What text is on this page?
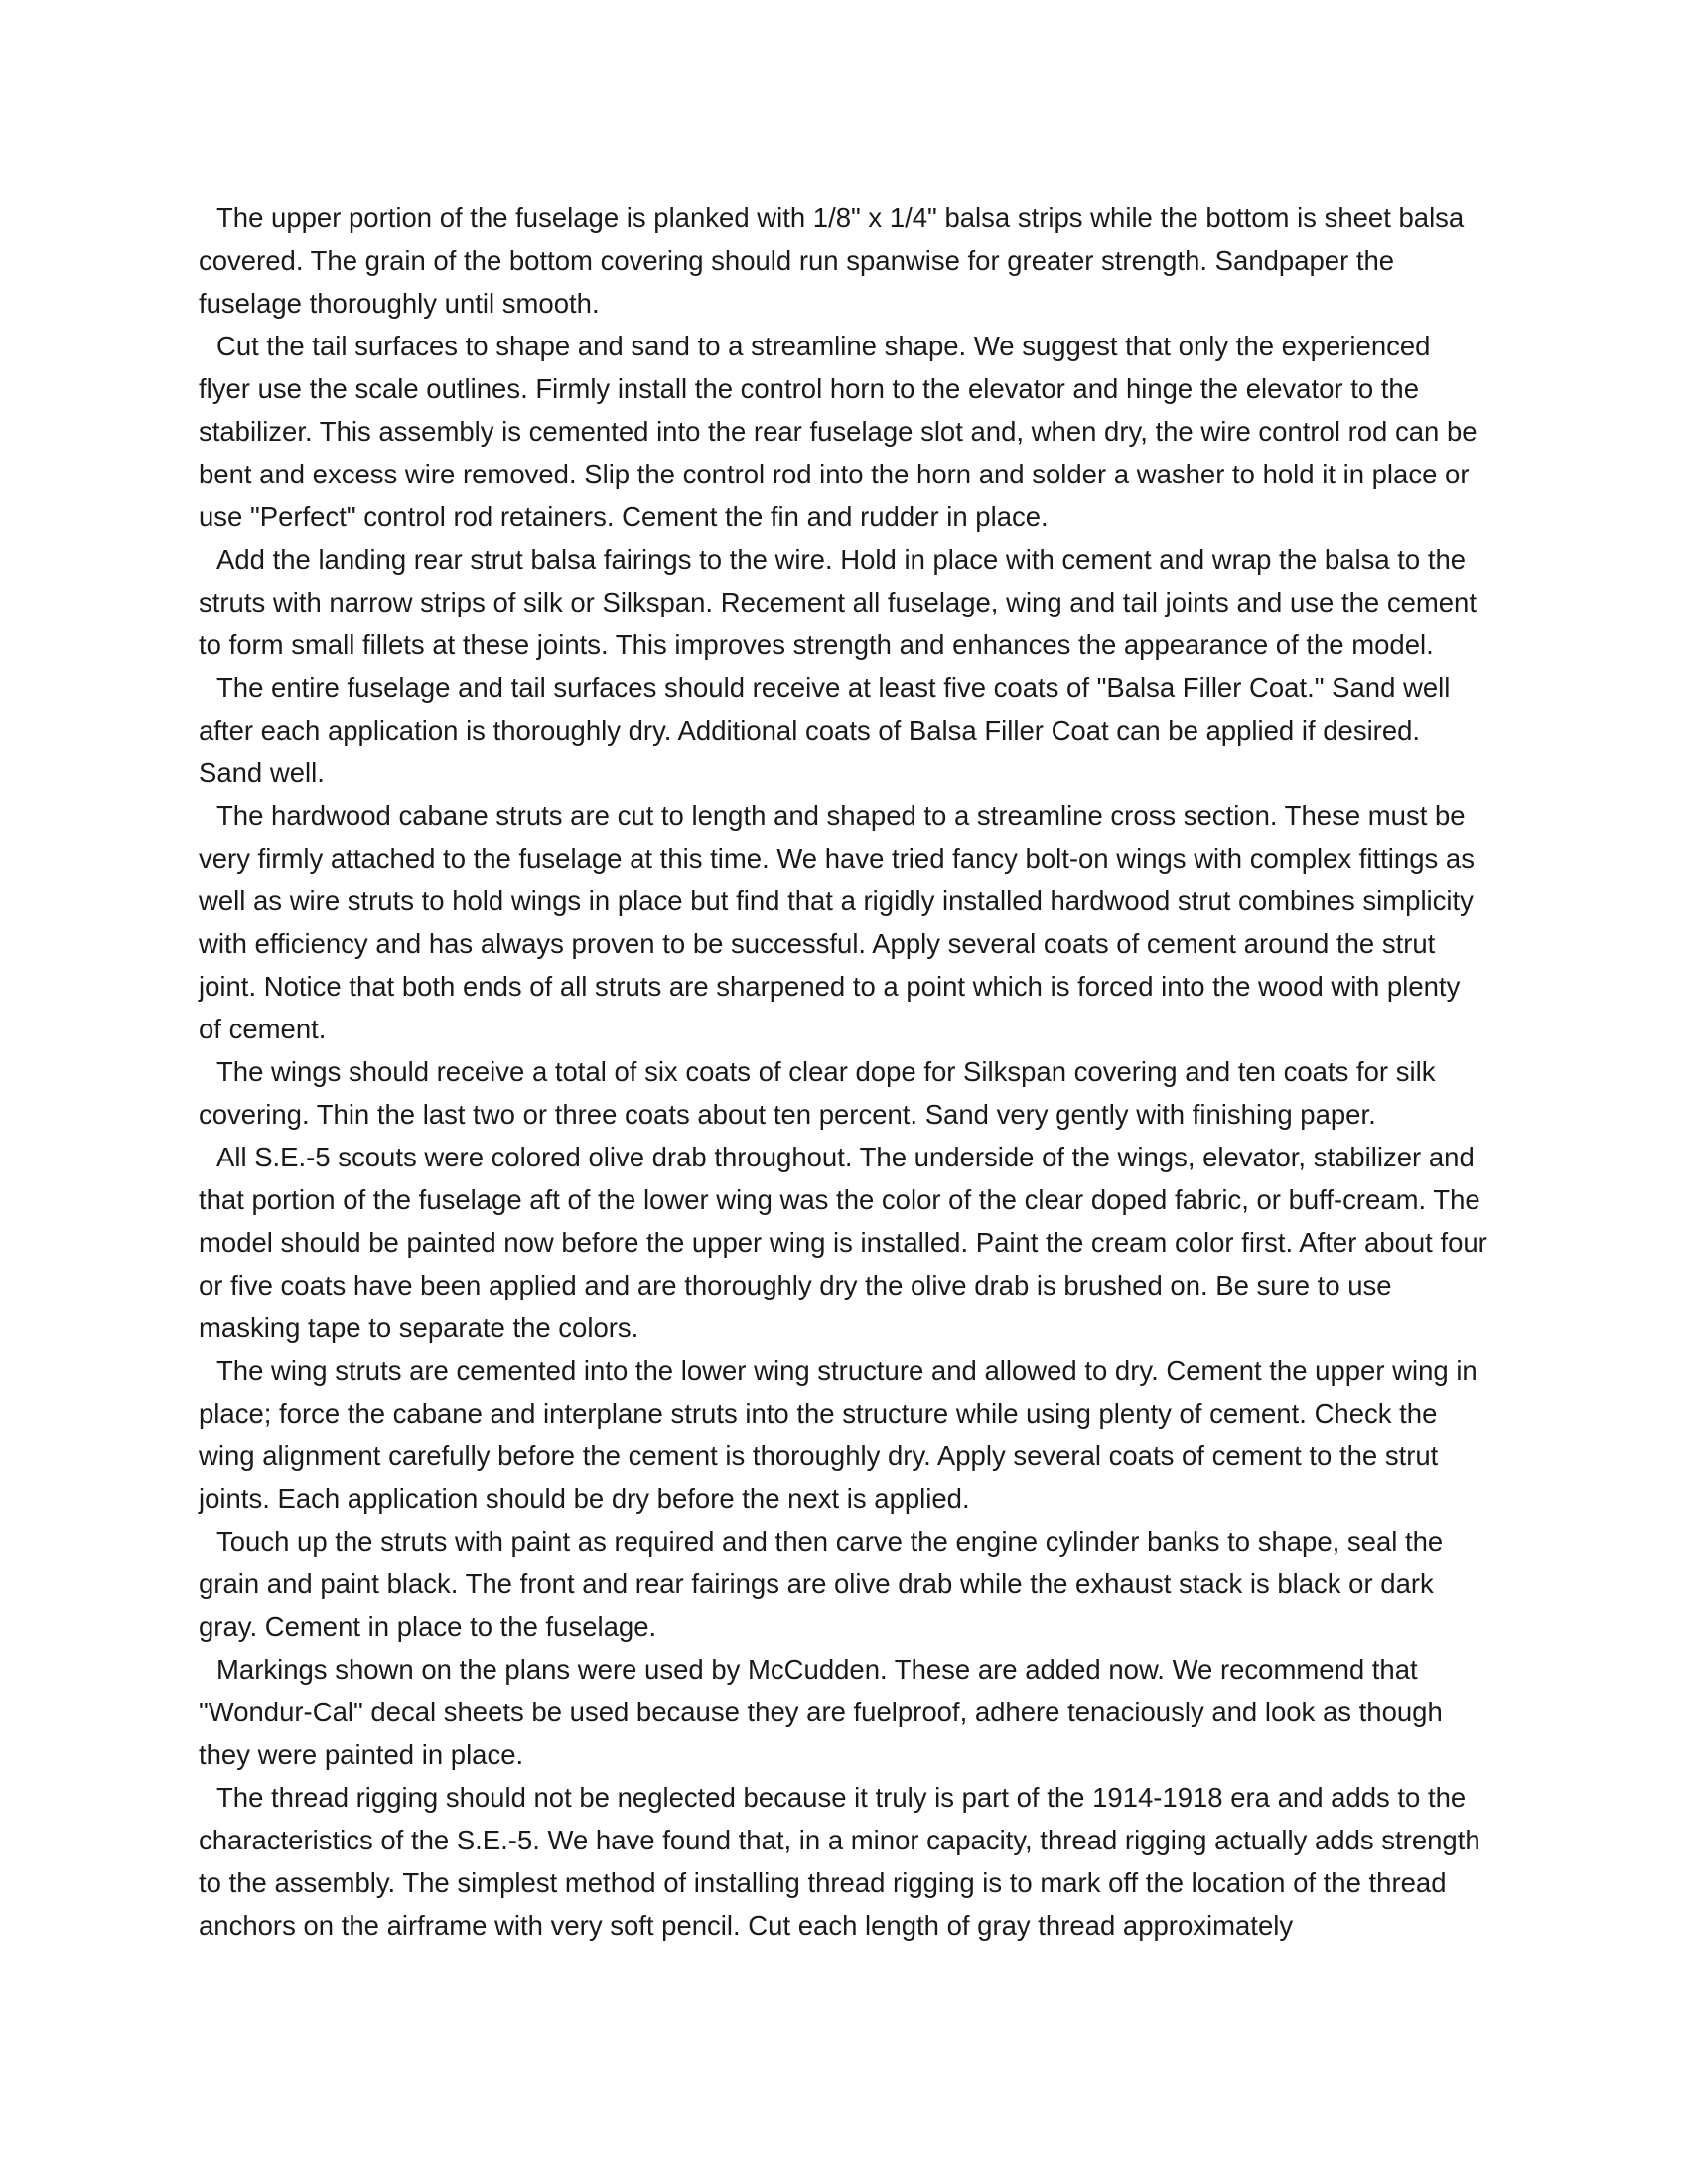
The upper portion of the fuselage is planked with 1/8" x 1/4" balsa strips while the bottom is sheet balsa covered. The grain of the bottom covering should run spanwise for greater strength. Sandpaper the fuselage thoroughly until smooth.

Cut the tail surfaces to shape and sand to a streamline shape. We suggest that only the experienced flyer use the scale outlines. Firmly install the control horn to the elevator and hinge the elevator to the stabilizer. This assembly is cemented into the rear fuselage slot and, when dry, the wire control rod can be bent and excess wire removed. Slip the control rod into the horn and solder a washer to hold it in place or use "Perfect" control rod retainers. Cement the fin and rudder in place.

Add the landing rear strut balsa fairings to the wire. Hold in place with cement and wrap the balsa to the struts with narrow strips of silk or Silkspan. Recement all fuselage, wing and tail joints and use the cement to form small fillets at these joints. This improves strength and enhances the appearance of the model.

The entire fuselage and tail surfaces should receive at least five coats of "Balsa Filler Coat." Sand well after each application is thoroughly dry. Additional coats of Balsa Filler Coat can be applied if desired. Sand well.

The hardwood cabane struts are cut to length and shaped to a streamline cross section. These must be very firmly attached to the fuselage at this time. We have tried fancy bolt-on wings with complex fittings as well as wire struts to hold wings in place but find that a rigidly installed hardwood strut combines simplicity with efficiency and has always proven to be successful. Apply several coats of cement around the strut joint. Notice that both ends of all struts are sharpened to a point which is forced into the wood with plenty of cement.

The wings should receive a total of six coats of clear dope for Silkspan covering and ten coats for silk covering. Thin the last two or three coats about ten percent. Sand very gently with finishing paper.

All S.E.-5 scouts were colored olive drab throughout. The underside of the wings, elevator, stabilizer and that portion of the fuselage aft of the lower wing was the color of the clear doped fabric, or buff-cream. The model should be painted now before the upper wing is installed. Paint the cream color first. After about four or five coats have been applied and are thoroughly dry the olive drab is brushed on. Be sure to use masking tape to separate the colors.

The wing struts are cemented into the lower wing structure and allowed to dry. Cement the upper wing in place; force the cabane and interplane struts into the structure while using plenty of cement. Check the wing alignment carefully before the cement is thoroughly dry. Apply several coats of cement to the strut joints. Each application should be dry before the next is applied.

Touch up the struts with paint as required and then carve the engine cylinder banks to shape, seal the grain and paint black. The front and rear fairings are olive drab while the exhaust stack is black or dark gray. Cement in place to the fuselage.

Markings shown on the plans were used by McCudden. These are added now. We recommend that "Wondur-Cal" decal sheets be used because they are fuelproof, adhere tenaciously and look as though they were painted in place.

The thread rigging should not be neglected because it truly is part of the 1914-1918 era and adds to the characteristics of the S.E.-5. We have found that, in a minor capacity, thread rigging actually adds strength to the assembly. The simplest method of installing thread rigging is to mark off the location of the thread anchors on the airframe with very soft pencil. Cut each length of gray thread approximately
